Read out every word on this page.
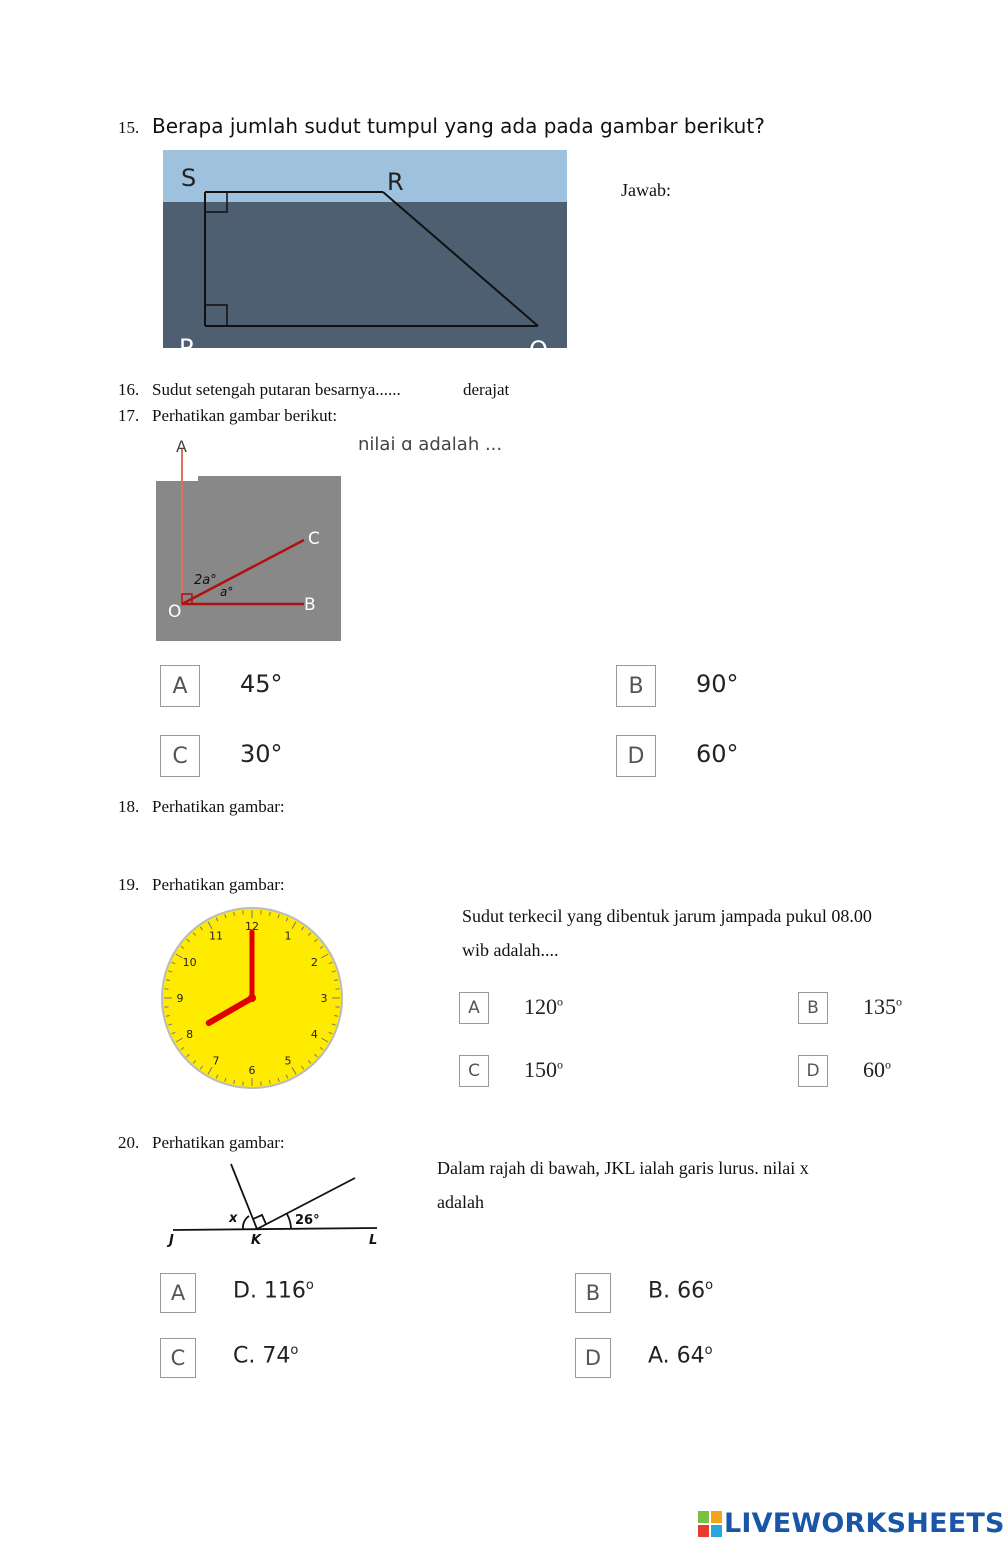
15. Berapa jumlah sudut tumpul yang ada pada gambar berikut?
S	R
P	Q
Jawab:
16. Sudut setengah putaran besarnya......	derajat
17. Perhatikan gambar berikut:
A
C
O	B
2a°
a°
nilai ɑ adalah ...
A	45°	B	90°
C	30°	D	60°
18. Perhatikan gambar:
19. Perhatikan gambar:
12
1
2
3
4
5
6
7
8
9
10
11
Sudut terkecil yang dibentuk jarum jampada pukul 08.00
wib adalah....
A	120$^o$	B	135$^o$
C	150$^o$	D	60$^o$
20. Perhatikan gambar:
J	K	L
x	26°
Dalam rajah di bawah, JKL ialah garis lurus. nilai x
adalah
A	D. 116$^o$	B	B. 66$^o$
C	C. 74$^o$	D	A. 64$^o$
LIVEWORKSHEETS
